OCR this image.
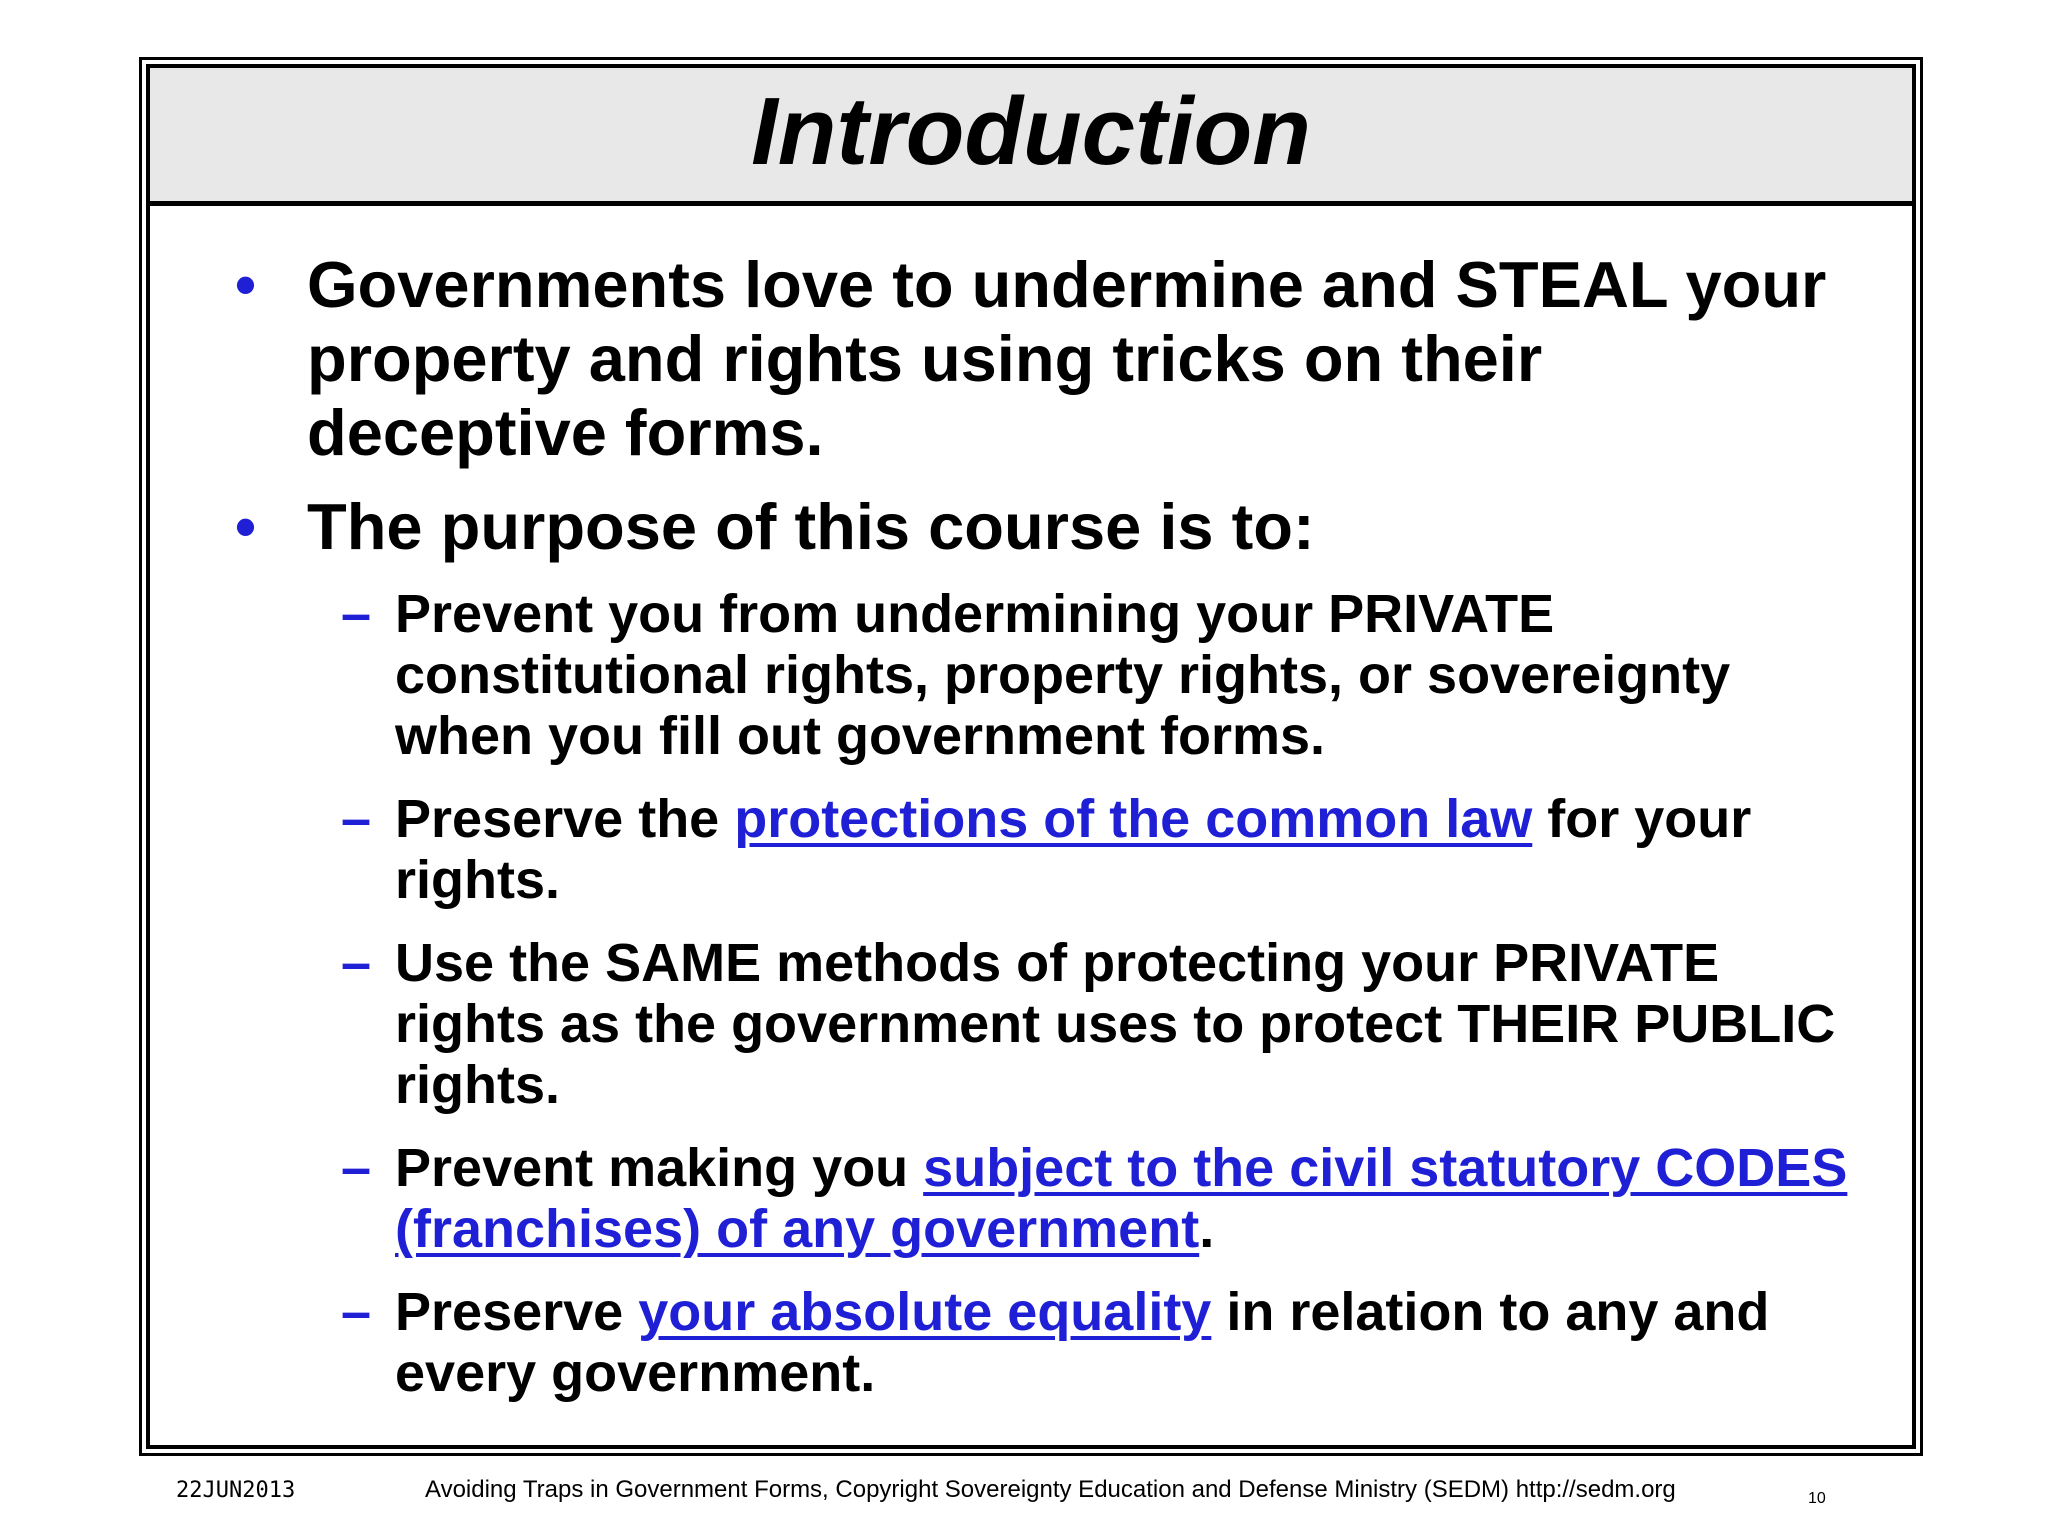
Introduction
• Governments love to undermine and STEAL your property and rights using tricks on their deceptive forms.
• The purpose of this course is to:
– Prevent you from undermining your PRIVATE constitutional rights, property rights, or sovereignty when you fill out government forms.
– Preserve the protections of the common law for your rights.
– Use the SAME methods of protecting your PRIVATE rights as the government uses to protect THEIR PUBLIC rights.
– Prevent making you subject to the civil statutory CODES (franchises) of any government.
– Preserve your absolute equality in relation to any and every government.
22JUN2013	Avoiding Traps in Government Forms, Copyright Sovereignty Education and Defense Ministry (SEDM) http://sedm.org	10
